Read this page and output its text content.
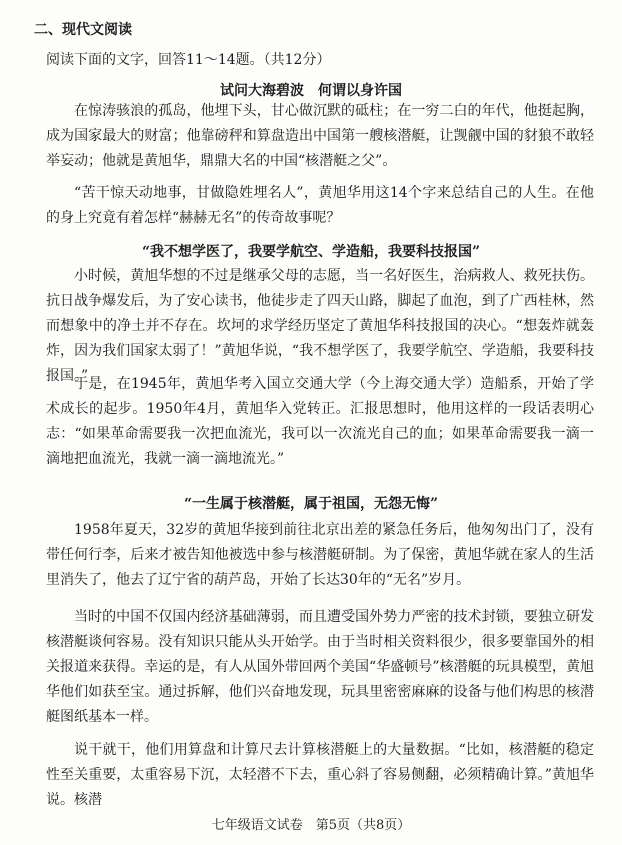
二、现代文阅读
阅读下面的文字，回答11～14题。（共12分）
试问大海碧波　何谓以身许国

在惊涛骇浪的孤岛，他埋下头，甘心做沉默的砥柱；在一穷二白的年代，他挺起胸，成为国家最大的财富；他靠磅秤和算盘造出中国第一艘核潜艇，让觊觎中国的豺狼不敢轻举妄动；他就是黄旭华，鼎鼎大名的中国“核潜艇之父”。

“苦干惊天动地事，甘做隐姓埋名人”，黄旭华用这14个字来总结自己的人生。在他的身上究竟有着怎样“赫赫无名”的传奇故事呢？

“我不想学医了，我要学航空、学造船，我要科技报国”

小时候，黄旭华想的不过是继承父母的志愿，当一名好医生，治病救人、救死扶伤。抗日战争爆发后，为了安心读书，他徒步走了四天山路，脚起了血泡，到了广西桂林，然而想象中的净土并不存在。坎坷的求学经历坚定了黄旭华科技报国的决心。“想轰炸就轰炸，因为我们国家太弱了！”黄旭华说，“我不想学医了，我要学航空、学造船，我要科技报国。”

于是，在1945年，黄旭华考入国立交通大学（今上海交通大学）造船系，开始了学术成长的起步。1950年4月，黄旭华入党转正。汇报思想时，他用这样的一段话表明心志：“如果革命需要我一次把血流光，我可以一次流光自己的血；如果革命需要我一滴一滴地把血流光，我就一滴一滴地流光。”

“一生属于核潜艇，属于祖国，无怨无悔”

1958年夏天，32岁的黄旭华接到前往北京出差的紧急任务后，他匆匆出门了，没有带任何行李，后来才被告知他被选中参与核潜艇研制。为了保密，黄旭华就在家人的生活里消失了，他去了辽宁省的葫芦岛，开始了长达30年的“无名”岁月。

当时的中国不仅国内经济基础薄弱，而且遭受国外势力严密的技术封锁，要独立研发核潜艇谈何容易。没有知识只能从头开始学。由于当时相关资料很少，很多要靠国外的相关报道来获得。幸运的是，有人从国外带回两个美国“华盛顿号”核潜艇的玩具模型，黄旭华他们如获至宝。通过拆解，他们兴奋地发现，玩具里密密麻麻的设备与他们构思的核潜艇图纸基本一样。

说干就干，他们用算盘和计算尺去计算核潜艇上的大量数据。“比如，核潜艇的稳定性至关重要，太重容易下沉，太轻潜不下去，重心斜了容易侧翻，必须精确计算。”黄旭华说。核潜

七年级语文试卷　第5页（共8页）
